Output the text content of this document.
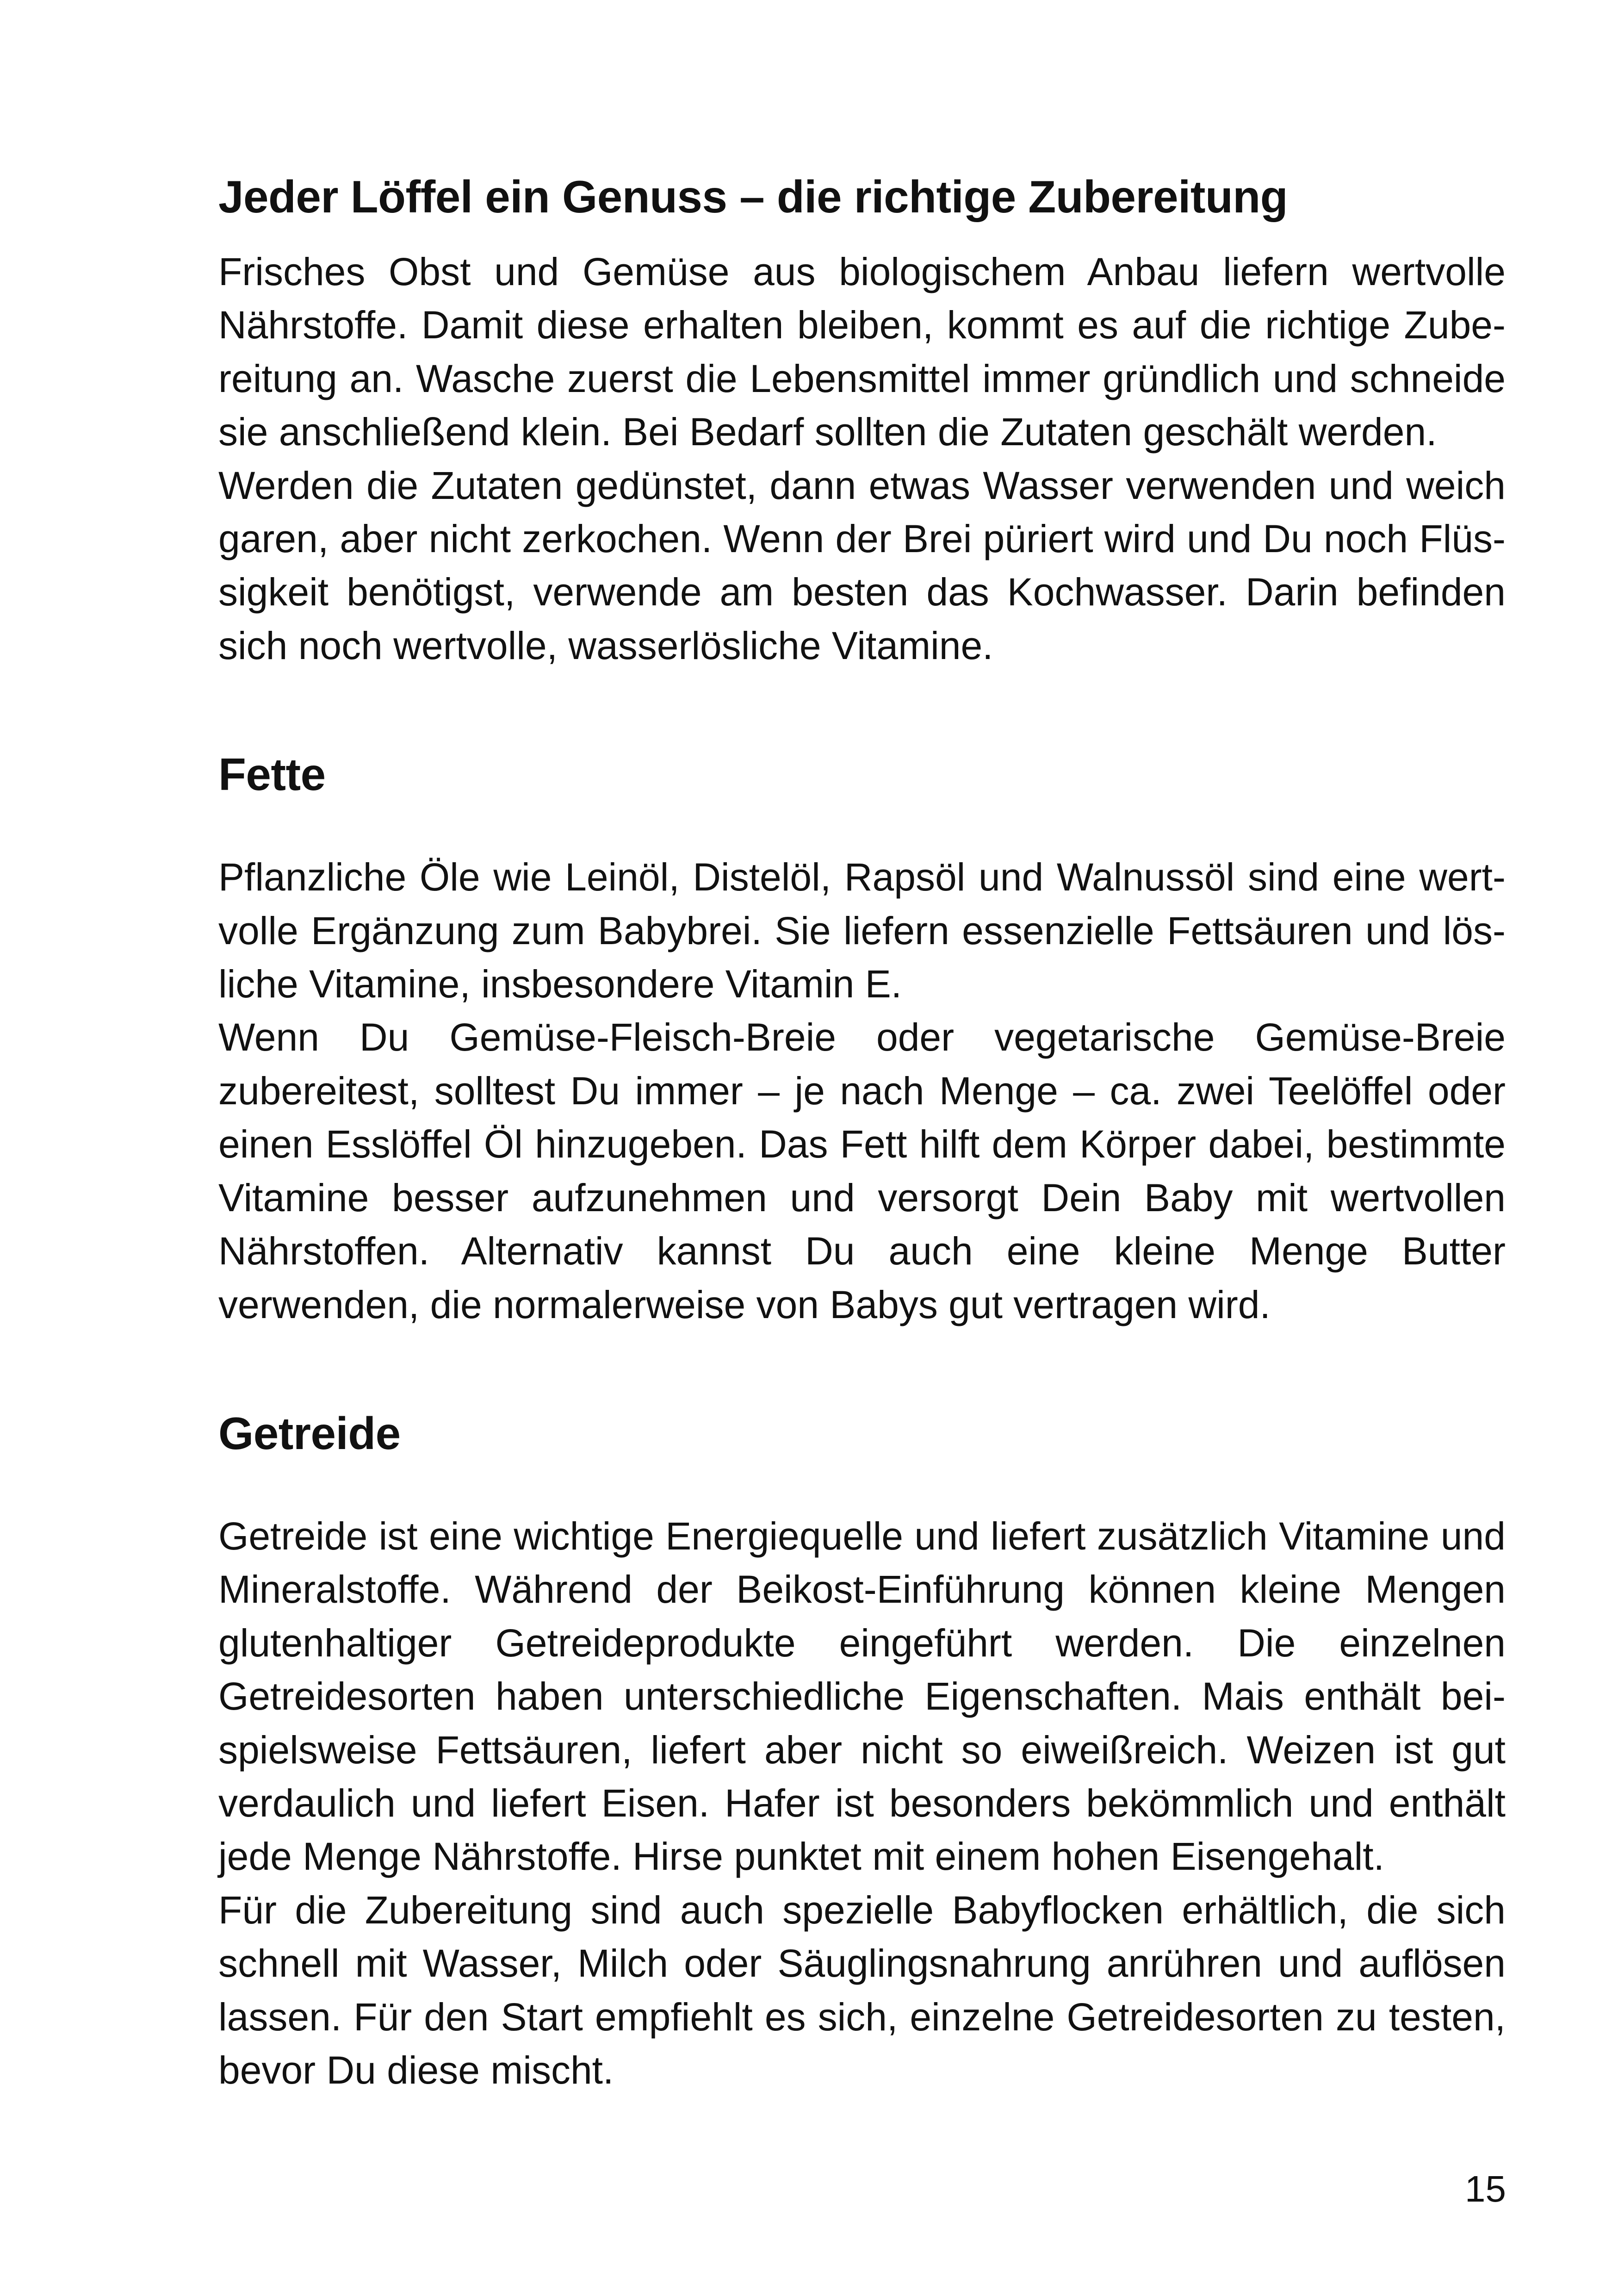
Jeder Löffel ein Genuss – die richtige Zubereitung

Frisches Obst und Gemüse aus biologischem Anbau liefern wertvolle Nährstoffe. Damit diese erhalten bleiben, kommt es auf die richtige Zubereitung an. Wasche zuerst die Lebensmittel immer gründlich und schneide sie anschließend klein. Bei Bedarf sollten die Zutaten geschält werden.

Werden die Zutaten gedünstet, dann etwas Wasser verwenden und weich garen, aber nicht zerkochen. Wenn der Brei püriert wird und Du noch Flüssigkeit benötigst, verwende am besten das Kochwasser. Darin befinden sich noch wertvolle, wasserlösliche Vitamine.

Fette

Pflanzliche Öle wie Leinöl, Distelöl, Rapsöl und Walnussöl sind eine wertvolle Ergänzung zum Babybrei. Sie liefern essenzielle Fettsäuren und lösliche Vitamine, insbesondere Vitamin E.

Wenn Du Gemüse-Fleisch-Breie oder vegetarische Gemüse-Breie zubereitest, solltest Du immer – je nach Menge – ca. zwei Teelöffel oder einen Esslöffel Öl hinzugeben. Das Fett hilft dem Körper dabei, bestimmte Vitamine besser aufzunehmen und versorgt Dein Baby mit wertvollen Nährstoffen. Alternativ kannst Du auch eine kleine Menge Butter verwenden, die normalerweise von Babys gut vertragen wird.

Getreide

Getreide ist eine wichtige Energiequelle und liefert zusätzlich Vitamine und Mineralstoffe. Während der Beikost-Einführung können kleine Mengen glutenhaltiger Getreideprodukte eingeführt werden. Die einzelnen Getreidesorten haben unterschiedliche Eigenschaften. Mais enthält beispielsweise Fettsäuren, liefert aber nicht so eiweißreich. Weizen ist gut verdaulich und liefert Eisen. Hafer ist besonders bekömmlich und enthält jede Menge Nährstoffe. Hirse punktet mit einem hohen Eisengehalt.

Für die Zubereitung sind auch spezielle Babyflocken erhältlich, die sich schnell mit Wasser, Milch oder Säuglingsnahrung anrühren und auflösen lassen. Für den Start empfiehlt es sich, einzelne Getreidesorten zu testen, bevor Du diese mischt.

15
